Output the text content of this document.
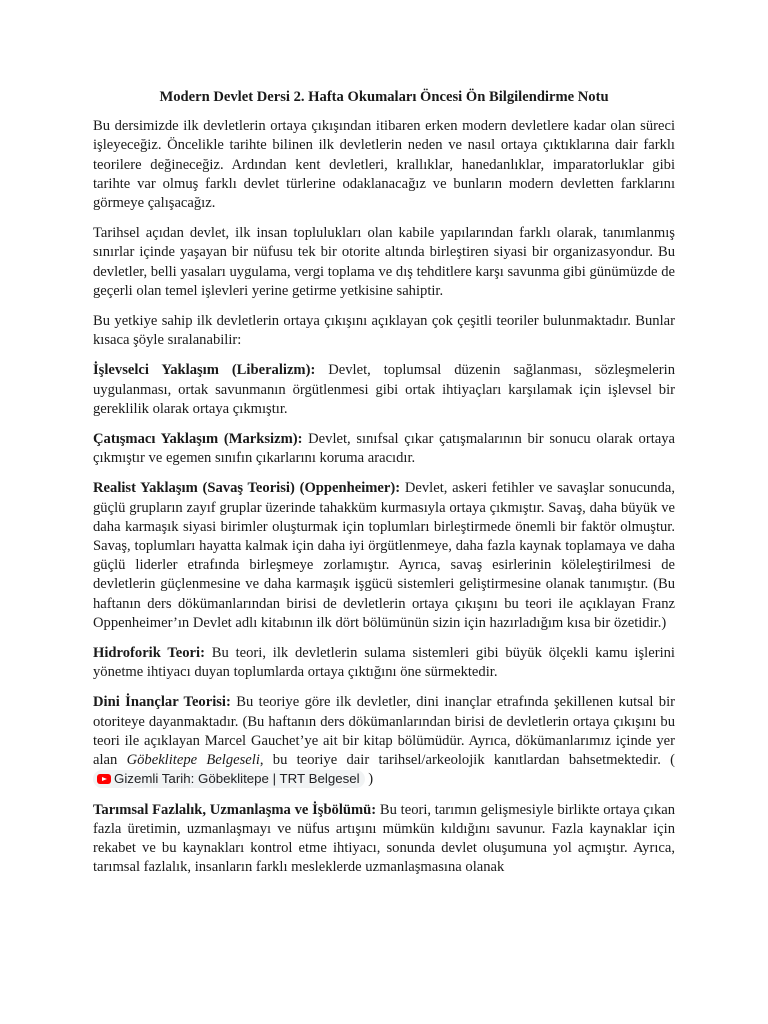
Modern Devlet Dersi 2. Hafta Okumaları Öncesi Ön Bilgilendirme Notu

Bu dersimizde ilk devletlerin ortaya çıkışından itibaren erken modern devletlere kadar olan süreci işleyeceğiz. Öncelikle tarihte bilinen ilk devletlerin neden ve nasıl ortaya çıktıklarına dair farklı teorilere değineceğiz. Ardından kent devletleri, krallıklar, hanedanlıklar, imparatorluklar gibi tarihte var olmuş farklı devlet türlerine odaklanacağız ve bunların modern devletten farklarını görmeye çalışacağız.

Tarihsel açıdan devlet, ilk insan toplulukları olan kabile yapılarından farklı olarak, tanımlanmış sınırlar içinde yaşayan bir nüfusu tek bir otorite altında birleştiren siyasi bir organizasyondur. Bu devletler, belli yasaları uygulama, vergi toplama ve dış tehditlere karşı savunma gibi günümüzde de geçerli olan temel işlevleri yerine getirme yetkisine sahiptir.

Bu yetkiye sahip ilk devletlerin ortaya çıkışını açıklayan çok çeşitli teoriler bulunmaktadır. Bunlar kısaca şöyle sıralanabilir:

İşlevselci Yaklaşım (Liberalizm): Devlet, toplumsal düzenin sağlanması, sözleşmelerin uygulanması, ortak savunmanın örgütlenmesi gibi ortak ihtiyaçları karşılamak için işlevsel bir gereklilik olarak ortaya çıkmıştır.

Çatışmacı Yaklaşım (Marksizm): Devlet, sınıfsal çıkar çatışmalarının bir sonucu olarak ortaya çıkmıştır ve egemen sınıfın çıkarlarını koruma aracıdır.

Realist Yaklaşım (Savaş Teorisi) (Oppenheimer): Devlet, askeri fetihler ve savaşlar sonucunda, güçlü grupların zayıf gruplar üzerinde tahakküm kurmasıyla ortaya çıkmıştır. Savaş, daha büyük ve daha karmaşık siyasi birimler oluşturmak için toplumları birleştirmede önemli bir faktör olmuştur. Savaş, toplumları hayatta kalmak için daha iyi örgütlenmeye, daha fazla kaynak toplamaya ve daha güçlü liderler etrafında birleşmeye zorlamıştır. Ayrıca, savaş esirlerinin köleleştirilmesi de devletlerin güçlenmesine ve daha karmaşık işgücü sistemleri geliştirmesine olanak tanımıştır. (Bu haftanın ders dökümanlarından birisi de devletlerin ortaya çıkışını bu teori ile açıklayan Franz Oppenheimer’ın Devlet adlı kitabının ilk dört bölümünün sizin için hazırladığım kısa bir özetidir.)

Hidroforik Teori: Bu teori, ilk devletlerin sulama sistemleri gibi büyük ölçekli kamu işlerini yönetme ihtiyacı duyan toplumlarda ortaya çıktığını öne sürmektedir.

Dini İnançlar Teorisi: Bu teoriye göre ilk devletler, dini inançlar etrafında şekillenen kutsal bir otoriteye dayanmaktadır. (Bu haftanın ders dökümanlarından birisi de devletlerin ortaya çıkışını bu teori ile açıklayan Marcel Gauchet’ye ait bir kitap bölümüdür. Ayrıca, dökümanlarımız içinde yer alan Göbeklitepe Belgeseli, bu teoriye dair tarihsel/arkeolojik kanıtlardan bahsetmektedir. (Gizemli Tarih: Göbeklitepe | TRT Belgesel )

Tarımsal Fazlalık, Uzmanlaşma ve İşbölümü: Bu teori, tarımın gelişmesiyle birlikte ortaya çıkan fazla üretimin, uzmanlaşmayı ve nüfus artışını mümkün kıldığını savunur. Fazla kaynaklar için rekabet ve bu kaynakları kontrol etme ihtiyacı, sonunda devlet oluşumuna yol açmıştır. Ayrıca, tarımsal fazlalık, insanların farklı mesleklerde uzmanlaşmasına olanak
